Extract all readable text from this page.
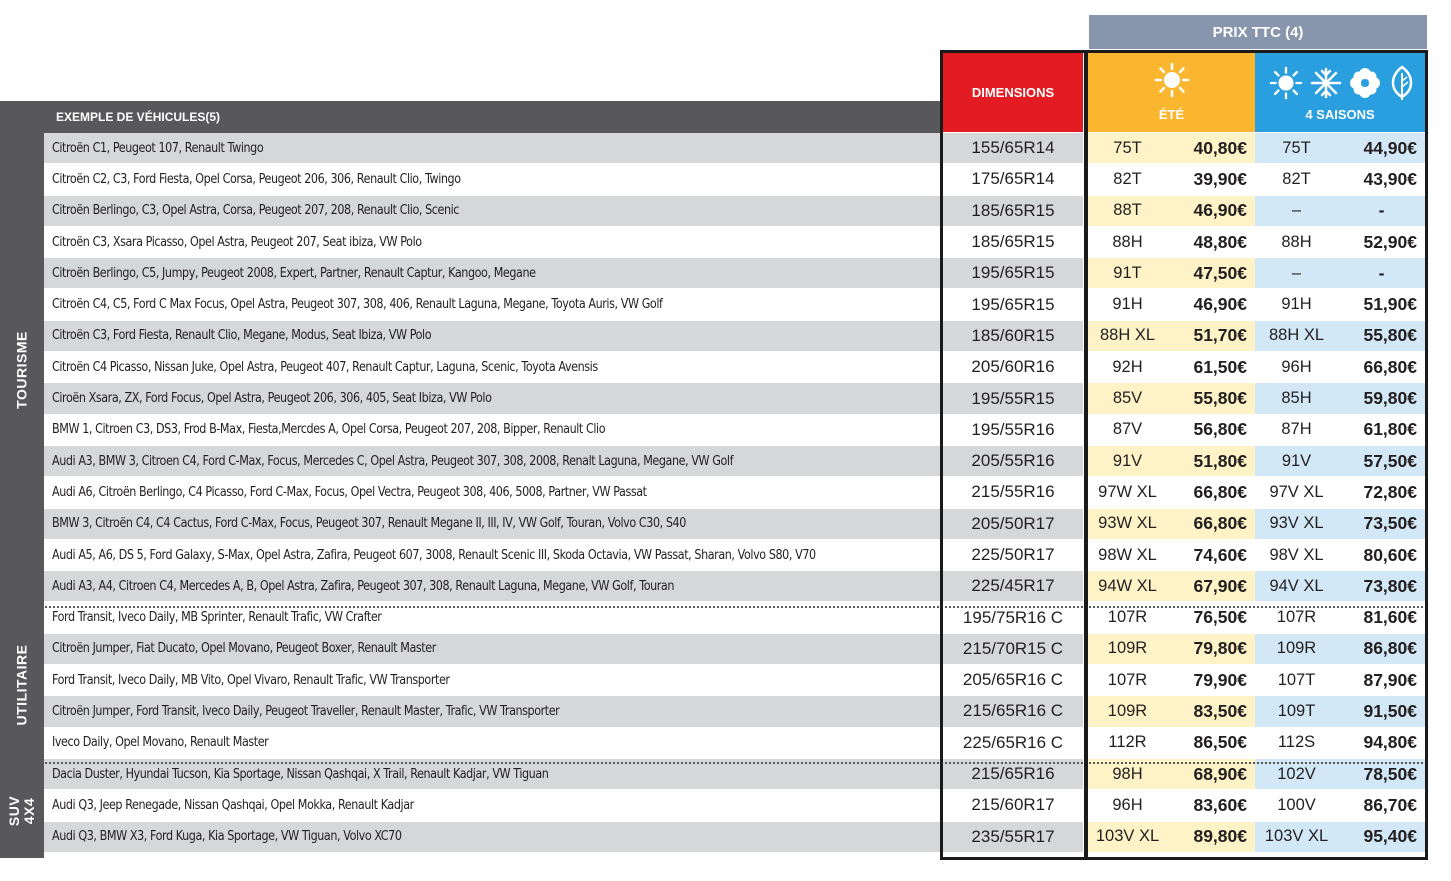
PRIX TTC (4)
DIMENSIONS
ÉTÉ	4 SAISONS
EXEMPLE DE VÉHICULES(5)
TOURISME
UTILITAIRE
SUV
4X4
Citroën C1, Peugeot 107, Renault Twingo	155/65R14	75T	40,80€ 75T	44,90€
Citroën C2, C3, Ford Fiesta, Opel Corsa, Peugeot 206, 306, Renault Clio, Twingo	175/65R14	82T	39,90€ 82T	43,90€
Citroën Berlingo, C3, Opel Astra, Corsa, Peugeot 207, 208, Renault Clio, Scenic	185/65R15	88T	46,90€	–	-
Citroën C3, Xsara Picasso, Opel Astra, Peugeot 207, Seat ibiza, VW Polo	185/65R15	88H	48,80€ 88H	52,90€
Citroën Berlingo, C5, Jumpy, Peugeot 2008, Expert, Partner, Renault Captur, Kangoo, Megane	195/65R15	91T	47,50€	–	-
Citroën C4, C5, Ford C Max Focus, Opel Astra, Peugeot 307, 308, 406, Renault Laguna, Megane, Toyota Auris, VW Golf	195/65R15	91H	46,90€ 91H	51,90€
Citroën C3, Ford Fiesta, Renault Clio, Megane, Modus, Seat Ibiza, VW Polo	185/60R15	88H XL 51,70€ 88H XL 55,80€
Citroën C4 Picasso, Nissan Juke, Opel Astra, Peugeot 407, Renault Captur, Laguna, Scenic, Toyota Avensis	205/60R16	92H	61,50€ 96H	66,80€
Ciroën Xsara, ZX, Ford Focus, Opel Astra, Peugeot 206, 306, 405, Seat Ibiza, VW Polo	195/55R15	85V	55,80€ 85H	59,80€
BMW 1, Citroen C3, DS3, Frod B-Max, Fiesta,Mercdes A, Opel Corsa, Peugeot 207, 208, Bipper, Renault Clio	195/55R16	87V	56,80€ 87H	61,80€
Audi A3, BMW 3, Citroen C4, Ford C-Max, Focus, Mercedes C, Opel Astra, Peugeot 307, 308, 2008, Renalt Laguna, Megane, VW Golf	205/55R16	91V	51,80€ 91V	57,50€
Audi A6, Citroën Berlingo, C4 Picasso, Ford C-Max, Focus, Opel Vectra, Peugeot 308, 406, 5008, Partner, VW Passat	215/55R16	97W XL 66,80€ 97V XL 72,80€
BMW 3, Citroën C4, C4 Cactus, Ford C-Max, Focus, Peugeot 307, Renault Megane II, III, IV, VW Golf, Touran, Volvo C30, S40	205/50R17	93W XL 66,80€ 93V XL 73,50€
Audi A5, A6, DS 5, Ford Galaxy, S-Max, Opel Astra, Zafira, Peugeot 607, 3008, Renault Scenic III, Skoda Octavia, VW Passat, Sharan, Volvo S80, V70	225/50R17	98W XL 74,60€ 98V XL 80,60€
Audi A3, A4, Citroen C4, Mercedes A, B, Opel Astra, Zafira, Peugeot 307, 308, Renault Laguna, Megane, VW Golf, Touran	225/45R17	94W XL 67,90€ 94V XL 73,80€
Ford Transit, Iveco Daily, MB Sprinter, Renault Trafic, VW Crafter	195/75R16 C	107R	76,50€ 107R	81,60€
Citroën Jumper, Fiat Ducato, Opel Movano, Peugeot Boxer, Renault Master	215/70R15 C	109R	79,80€ 109R	86,80€
Ford Transit, Iveco Daily, MB Vito, Opel Vivaro, Renault Trafic, VW Transporter	205/65R16 C	107R	79,90€ 107T	87,90€
Citroën Jumper, Ford Transit, Iveco Daily, Peugeot Traveller, Renault Master, Trafic, VW Transporter	215/65R16 C	109R	83,50€ 109T	91,50€
Iveco Daily, Opel Movano, Renault Master	225/65R16 C	112R	86,50€ 112S	94,80€
Dacia Duster, Hyundai Tucson, Kia Sportage, Nissan Qashqai, X Trail, Renault Kadjar, VW Tiguan	215/65R16	98H	68,90€ 102V	78,50€
Audi Q3, Jeep Renegade, Nissan Qashqai, Opel Mokka, Renault Kadjar	215/60R17	96H	83,60€ 100V	86,70€
Audi Q3, BMW X3, Ford Kuga, Kia Sportage, VW Tiguan, Volvo XC70	235/55R17	103V XL 89,80€ 103V XL 95,40€
